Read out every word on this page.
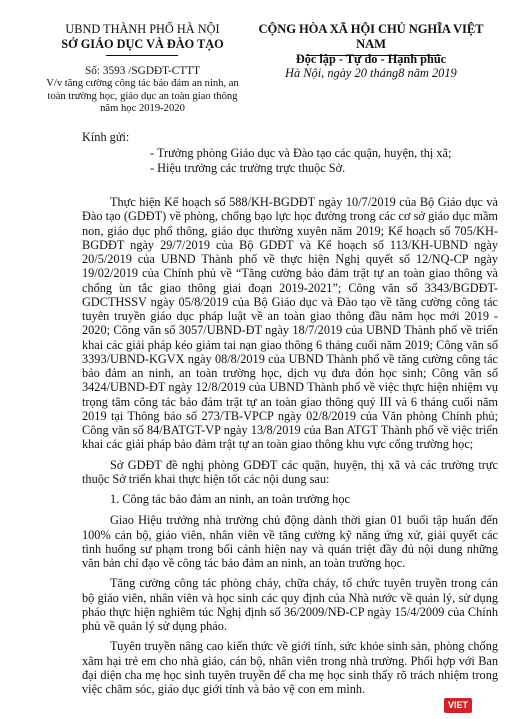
UBND THÀNH PHỐ HÀ NỘI
SỞ GIÁO DỤC VÀ ĐÀO TẠO
CỘNG HÒA XÃ HỘI CHỦ NGHĨA VIỆT NAM
Độc lập - Tự do - Hạnh phúc
Số: 3593 /SGDĐT-CTTT
V/v tăng cường công tác bảo đảm an ninh, an toàn trường học, giáo dục an toàn giao thông năm học 2019-2020
Hà Nội, ngày 20 tháng8 năm 2019
Kính gửi:
- Trưởng phòng Giáo dục và Đào tạo các quận, huyện, thị xã;
- Hiệu trưởng các trường trực thuộc Sở.

Thực hiện Kế hoạch số 588/KH-BGDĐT ngày 10/7/2019 của Bộ Giáo dục và Đào tạo (GDĐT) về phòng, chống bạo lực học đường trong các cơ sở giáo dục mầm non, giáo dục phổ thông, giáo dục thường xuyên năm 2019; Kế hoạch số 705/KH-BGDĐT ngày 29/7/2019 của Bộ GDĐT và Kế hoạch số 113/KH-UBND ngày 20/5/2019 của UBND Thành phố về thực hiện Nghị quyết số 12/NQ-CP ngày 19/02/2019 của Chính phủ về “Tăng cường bảo đảm trật tự an toàn giao thông và chống ùn tắc giao thông giai đoạn 2019-2021”; Công văn số 3343/BGDĐT-GDCTHSSV ngày 05/8/2019 của Bộ Giáo dục và Đào tạo về tăng cường công tác tuyên truyền giáo dục pháp luật về an toàn giao thông đầu năm học mới 2019 - 2020; Công văn số 3057/UBND-ĐT ngày 18/7/2019 của UBND Thành phố về triển khai các giải pháp kéo giảm tai nạn giao thông 6 tháng cuối năm 2019; Công văn số 3393/UBND-KGVX ngày 08/8/2019 của UBND Thành phố về tăng cường công tác bảo đảm an ninh, an toàn trường học, dịch vụ đưa đón học sinh; Công văn số 3424/UBND-ĐT ngày 12/8/2019 của UBND Thành phố về việc thực hiện nhiệm vụ trọng tâm công tác bảo đảm trật tự an toàn giao thông quý III và 6 tháng cuối năm 2019 tại Thông báo số 273/TB-VPCP ngày 02/8/2019 của Văn phòng Chính phủ; Công văn số 84/BATGT-VP ngày 13/8/2019 của Ban ATGT Thành phố về việc triển khai các giải pháp bảo đảm trật tự an toàn giao thông khu vực cổng trường học;

Sở GDĐT đề nghị phòng GDĐT các quận, huyện, thị xã và các trường trực thuộc Sở triển khai thực hiện tốt các nội dung sau:

1. Công tác bảo đảm an ninh, an toàn trường học

Giao Hiệu trưởng nhà trường chủ động dành thời gian 01 buổi tập huấn đến 100% cán bộ, giáo viên, nhân viên về tăng cường kỹ năng ứng xử, giải quyết các tình huống sư phạm trong bối cảnh hiện nay và quán triệt đầy đủ nội dung những văn bản chỉ đạo về công tác bảo đảm an ninh, an toàn trường học.

Tăng cường công tác phòng cháy, chữa cháy, tổ chức tuyên truyền trong cán bộ giáo viên, nhân viên và học sinh các quy định của Nhà nước về quản lý, sử dụng pháo thực hiện nghiêm túc Nghị định số 36/2009/NĐ-CP ngày 15/4/2009 của Chính phủ về quản lý sử dụng pháo.

Tuyên truyền nâng cao kiến thức về giới tính, sức khỏe sinh sản, phòng chống xâm hại trẻ em cho nhà giáo, cán bộ, nhân viên trong nhà trường. Phối hợp với Ban đại diện cha mẹ học sinh tuyên truyền để cha mẹ học sinh thấy rõ trách nhiệm trong việc chăm sóc, giáo dục giới tính và bảo vệ con em mình.

VIET
